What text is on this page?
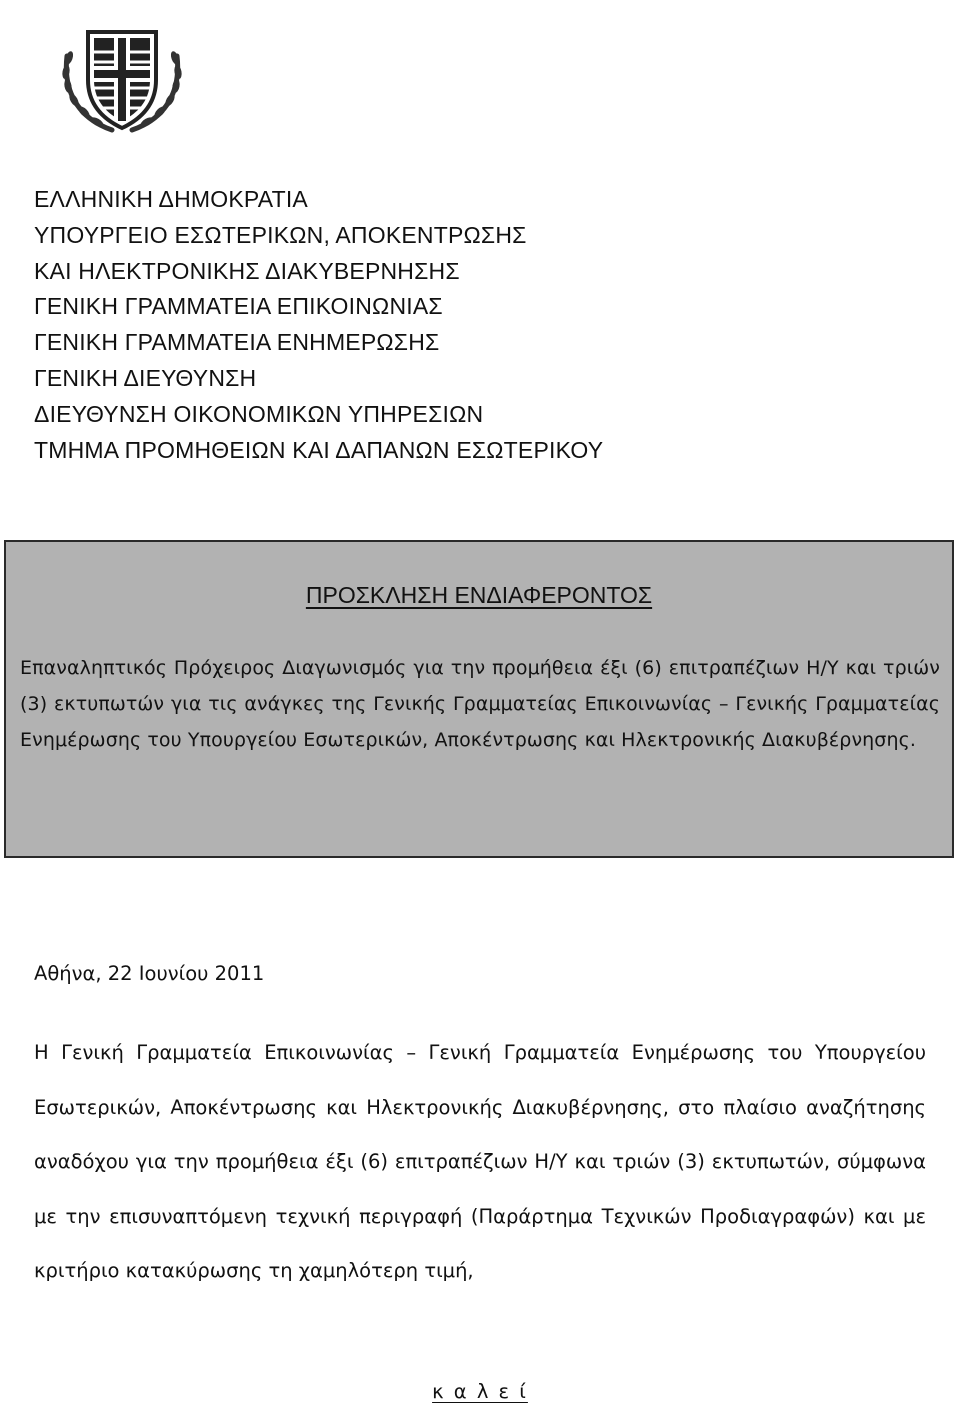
ΕΛΛΗΝΙΚΗ ΔΗΜΟΚΡΑΤΙΑ
ΥΠΟΥΡΓΕΙΟ ΕΣΩΤΕΡΙΚΩΝ, ΑΠΟΚΕΝΤΡΩΣΗΣ
ΚΑΙ ΗΛΕΚΤΡΟΝΙΚΗΣ ΔΙΑΚΥΒΕΡΝΗΣΗΣ
ΓΕΝΙΚΗ ΓΡΑΜΜΑΤΕΙΑ ΕΠΙΚΟΙΝΩΝΙΑΣ
ΓΕΝΙΚΗ ΓΡΑΜΜΑΤΕΙΑ ΕΝΗΜΕΡΩΣΗΣ
ΓΕΝΙΚΗ ΔΙΕΥΘΥΝΣΗ
ΔΙΕΥΘΥΝΣΗ ΟΙΚΟΝΟΜΙΚΩΝ ΥΠΗΡΕΣΙΩΝ
ΤΜΗΜΑ ΠΡΟΜΗΘΕΙΩΝ ΚΑΙ ΔΑΠΑΝΩΝ ΕΣΩΤΕΡΙΚΟΥ
ΠΡΟΣΚΛΗΣΗ ΕΝΔΙΑΦΕΡΟΝΤΟΣ
Επαναληπτικός Πρόχειρος Διαγωνισμός για την προμήθεια έξι (6) επιτραπέζιων Η/Υ και τριών (3) εκτυπωτών για τις ανάγκες της Γενικής Γραμματείας Επικοινωνίας – Γενικής Γραμματείας Ενημέρωσης του Υπουργείου Εσωτερικών, Αποκέντρωσης και Ηλεκτρονικής Διακυβέρνησης.
Αθήνα, 22 Ιουνίου 2011
Η Γενική Γραμματεία Επικοινωνίας – Γενική Γραμματεία Ενημέρωσης του Υπουργείου Εσωτερικών, Αποκέντρωσης και Ηλεκτρονικής Διακυβέρνησης, στο πλαίσιο αναζήτησης αναδόχου για την προμήθεια έξι (6) επιτραπέζιων Η/Υ και τριών (3) εκτυπωτών, σύμφωνα με την επισυναπτόμενη τεχνική περιγραφή (Παράρτημα Τεχνικών Προδιαγραφών) και με κριτήριο κατακύρωσης τη χαμηλότερη τιμή,
κ α λ ε ί
